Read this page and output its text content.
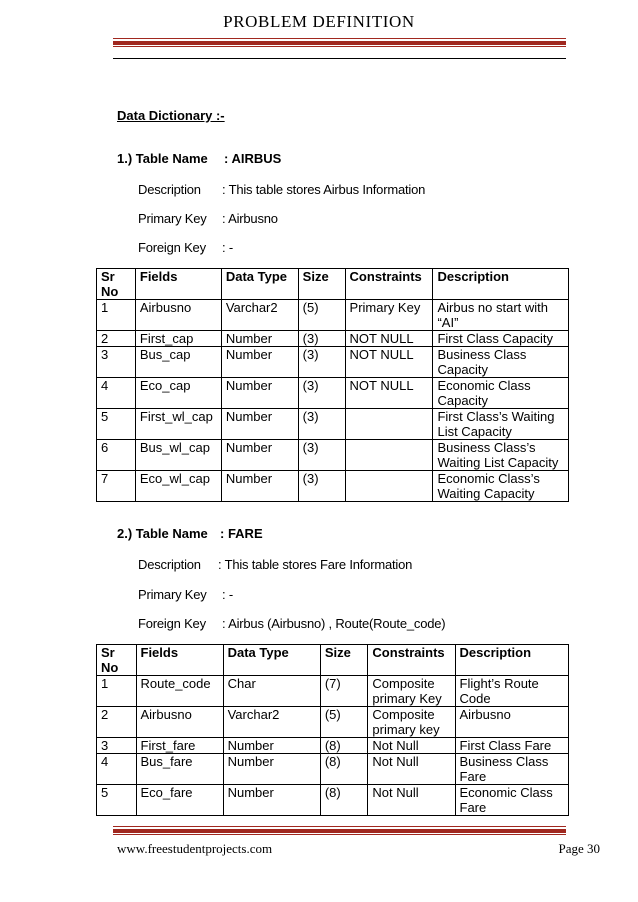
PROBLEM DEFINITION
Data Dictionary :-
1.) Table Name : AIRBUS
Description : This table stores Airbus Information
Primary Key : Airbusno
Foreign Key : -
Sr No	Fields	Data Type	Size	Constraints	Description
1	Airbusno	Varchar2	(5)	Primary Key	Airbus no start with “AI”
2	First_cap	Number	(3)	NOT NULL	First Class Capacity
3	Bus_cap	Number	(3)	NOT NULL	Business Class Capacity
4	Eco_cap	Number	(3)	NOT NULL	Economic Class Capacity
5	First_wl_cap	Number	(3)		First Class’s Waiting List Capacity
6	Bus_wl_cap	Number	(3)		Business Class’s Waiting List Capacity
7	Eco_wl_cap	Number	(3)		Economic Class’s Waiting Capacity
2.) Table Name : FARE
Description : This table stores Fare Information
Primary Key : -
Foreign Key : Airbus (Airbusno) , Route(Route_code)
Sr No	Fields	Data Type	Size	Constraints	Description
1	Route_code	Char	(7)	Composite primary Key	Flight’s Route Code
2	Airbusno	Varchar2	(5)	Composite primary key	Airbusno
3	First_fare	Number	(8)	Not Null	First Class Fare
4	Bus_fare	Number	(8)	Not Null	Business Class Fare
5	Eco_fare	Number	(8)	Not Null	Economic Class Fare
www.freestudentprojects.com	Page 30
